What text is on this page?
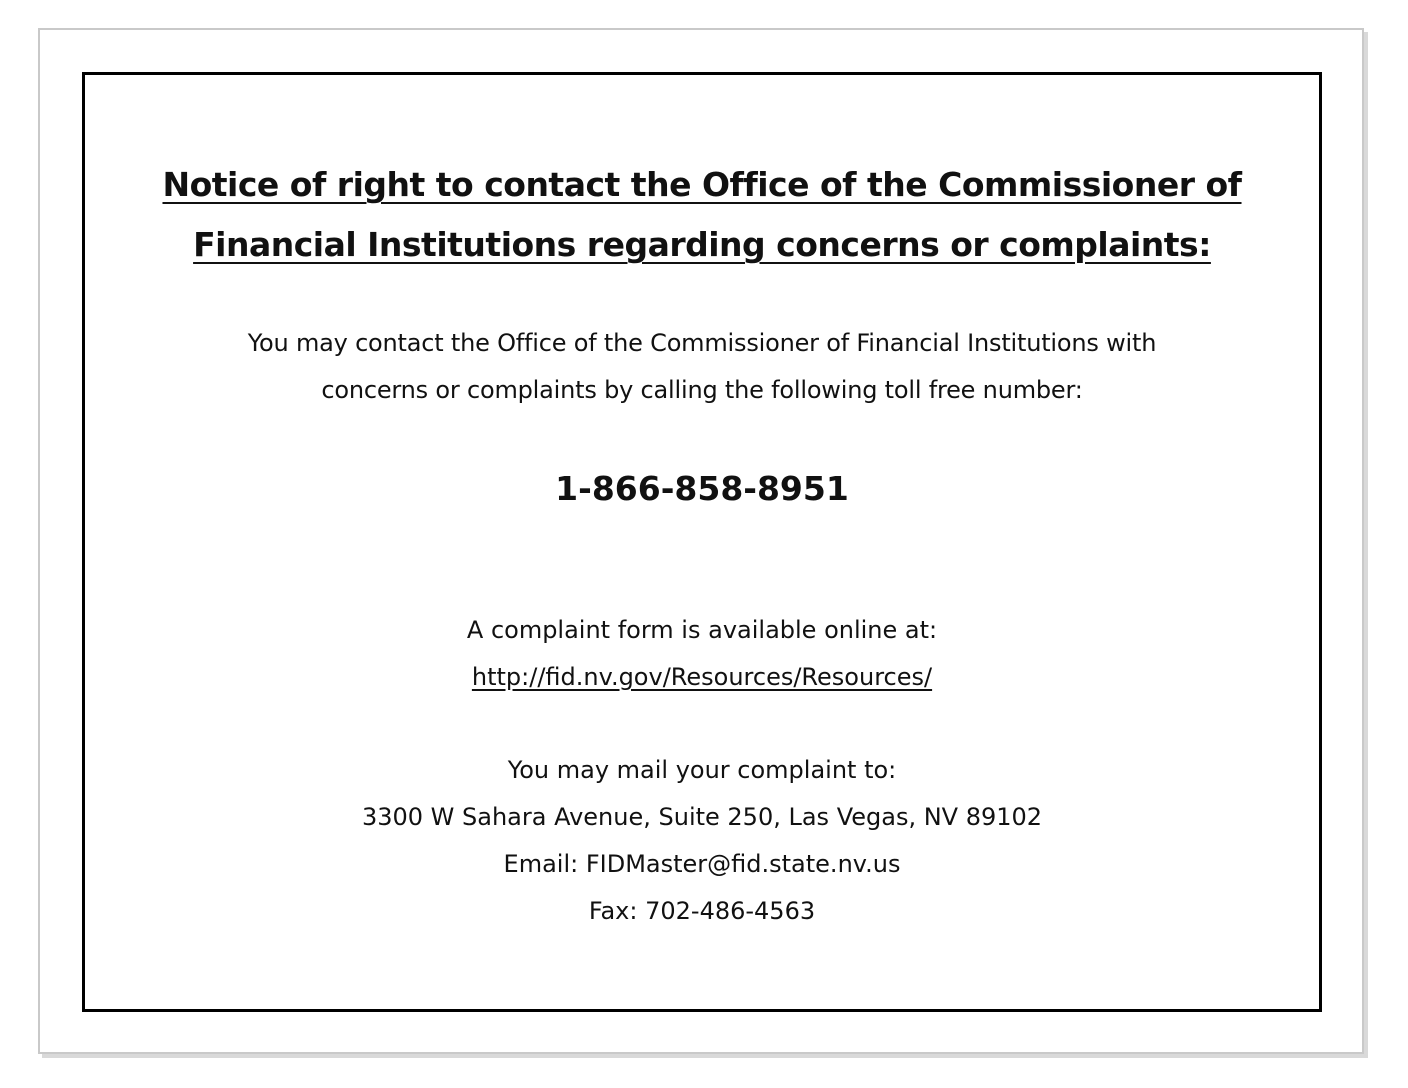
Notice of right to contact the Office of the Commissioner of
Financial Institutions regarding concerns or complaints:
You may contact the Office of the Commissioner of Financial Institutions with
concerns or complaints by calling the following toll free number:
1-866-858-8951
A complaint form is available online at:
http://fid.nv.gov/Resources/Resources/
You may mail your complaint to:
3300 W Sahara Avenue, Suite 250, Las Vegas, NV 89102
Email: FIDMaster@fid.state.nv.us
Fax: 702-486-4563
